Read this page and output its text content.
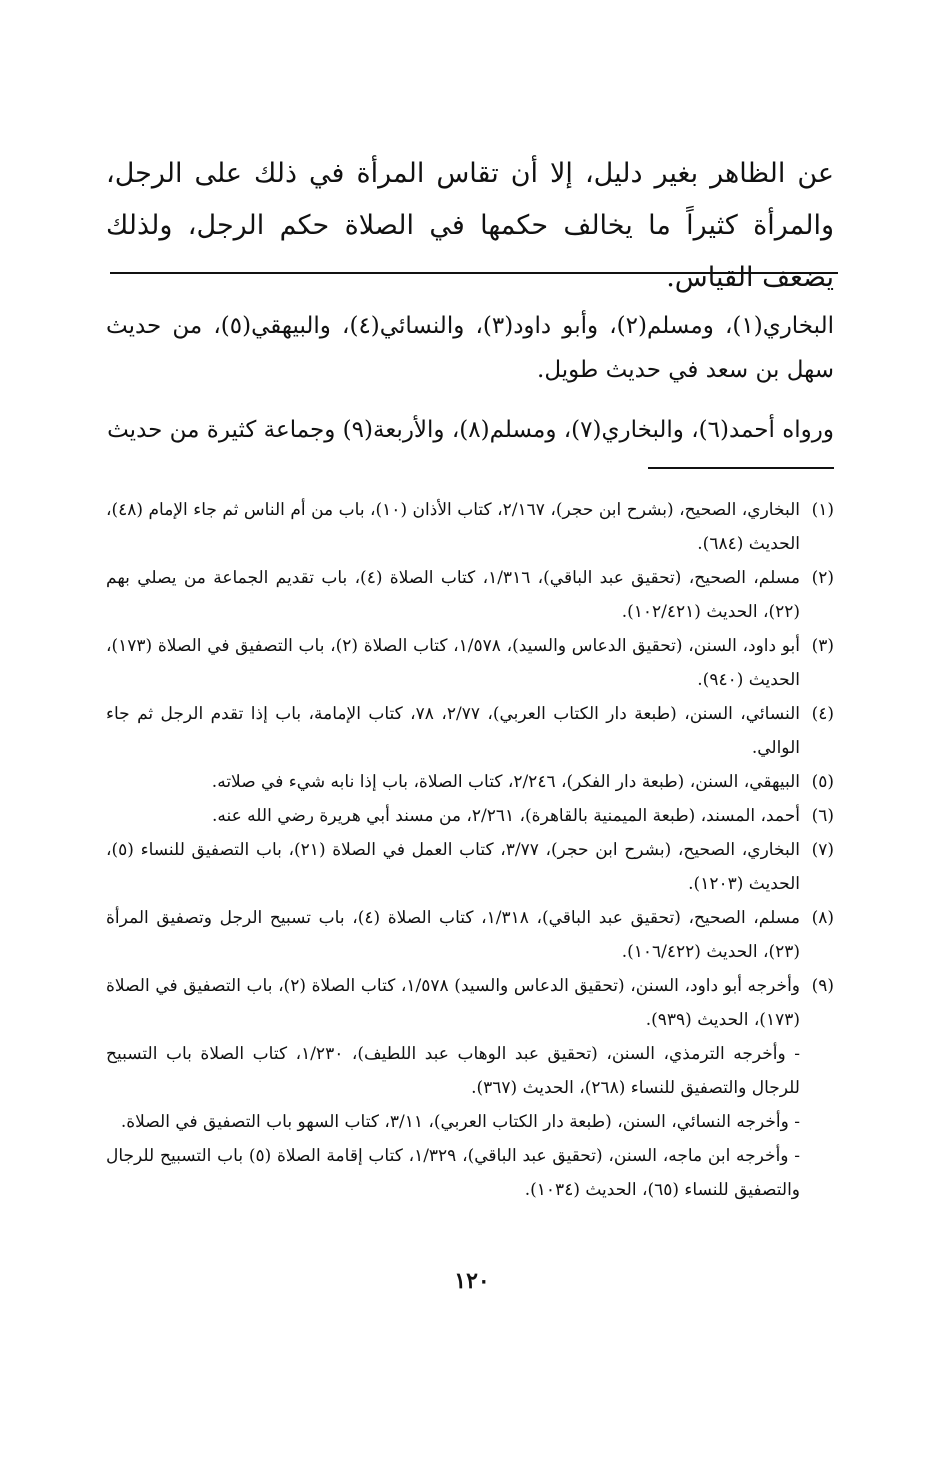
عن الظاهر بغير دليل، إلا أن تقاس المرأة في ذلك على الرجل، والمرأة كثيراً ما يخالف حكمها في الصلاة حكم الرجل، ولذلك يضعف القياس.
البخاري(١)، ومسلم(٢)، وأبو داود(٣)، والنسائي(٤)، والبيهقي(٥)، من حديث سهل بن سعد في حديث طويل.
ورواه أحمد(٦)، والبخاري(٧)، ومسلم(٨)، والأربعة(٩) وجماعة كثيرة من حديث
(١)
البخاري، الصحيح، (بشرح ابن حجر)، ٢/١٦٧، كتاب الأذان (١٠)، باب من أم الناس ثم جاء الإمام (٤٨)، الحديث (٦٨٤).
(٢)
مسلم، الصحيح، (تحقيق عبد الباقي)، ١/٣١٦، كتاب الصلاة (٤)، باب تقديم الجماعة من يصلي بهم (٢٢)، الحديث (١٠٢/٤٢١).
(٣)
أبو داود، السنن، (تحقيق الدعاس والسيد)، ١/٥٧٨، كتاب الصلاة (٢)، باب التصفيق في الصلاة (١٧٣)، الحديث (٩٤٠).
(٤)
النسائي، السنن، (طبعة دار الكتاب العربي)، ٢/٧٧، ٧٨، كتاب الإمامة، باب إذا تقدم الرجل ثم جاء الوالي.
(٥)
البيهقي، السنن، (طبعة دار الفكر)، ٢/٢٤٦، كتاب الصلاة، باب إذا نابه شيء في صلاته.
(٦)
أحمد، المسند، (طبعة الميمنية بالقاهرة)، ٢/٢٦١، من مسند أبي هريرة رضي الله عنه.
(٧)
البخاري، الصحيح، (بشرح ابن حجر)، ٣/٧٧، كتاب العمل في الصلاة (٢١)، باب التصفيق للنساء (٥)، الحديث (١٢٠٣).
(٨)
مسلم، الصحيح، (تحقيق عبد الباقي)، ١/٣١٨، كتاب الصلاة (٤)، باب تسبيح الرجل وتصفيق المرأة (٢٣)، الحديث (١٠٦/٤٢٢).
(٩)
وأخرجه أبو داود، السنن، (تحقيق الدعاس والسيد) ١/٥٧٨، كتاب الصلاة (٢)، باب التصفيق في الصلاة (١٧٣)، الحديث (٩٣٩).
- وأخرجه الترمذي، السنن، (تحقيق عبد الوهاب عبد اللطيف)، ١/٢٣٠، كتاب الصلاة باب التسبيح للرجال والتصفيق للنساء (٢٦٨)، الحديث (٣٦٧).
- وأخرجه النسائي، السنن، (طبعة دار الكتاب العربي)، ٣/١١، كتاب السهو باب التصفيق في الصلاة.
- وأخرجه ابن ماجه، السنن، (تحقيق عبد الباقي)، ١/٣٢٩، كتاب إقامة الصلاة (٥) باب التسبيح للرجال والتصفيق للنساء (٦٥)، الحديث (١٠٣٤).
١٢٠
